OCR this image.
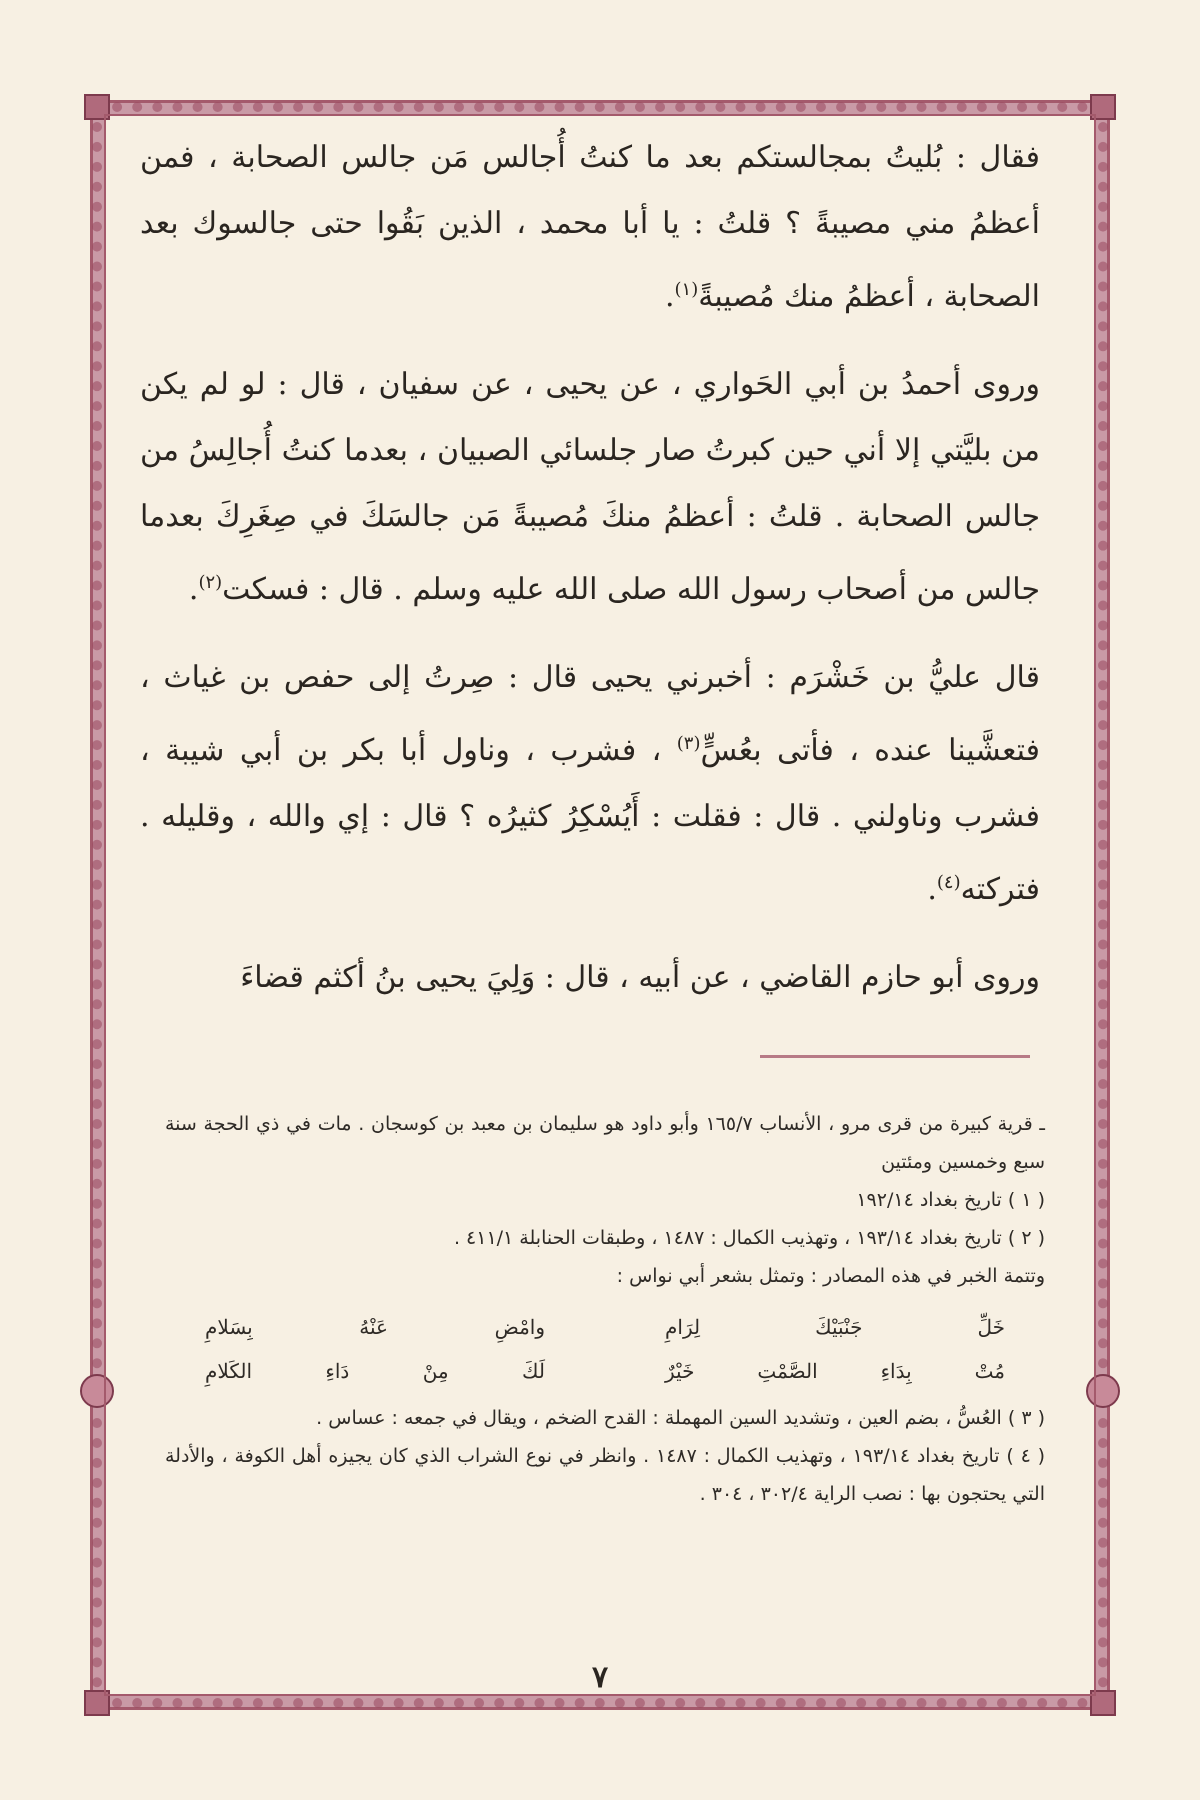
فقال : بُليتُ بمجالستكم بعد ما كنتُ أُجالس مَن جالس الصحابة ، فمن أعظمُ مني مصيبةً ؟ قلتُ : يا أبا محمد ، الذين بَقُوا حتى جالسوك بعد الصحابة ، أعظمُ منك مُصيبةً$^{(١)}$.

وروى أحمدُ بن أبي الحَواري ، عن يحيى ، عن سفيان ، قال : لو لم يكن من بليَّتي إلا أني حين كبرتُ صار جلسائي الصبيان ، بعدما كنتُ أُجالِسُ من جالس الصحابة . قلتُ : أعظمُ منكَ مُصيبةً مَن جالسَكَ في صِغَرِكَ بعدما جالس من أصحاب رسول الله صلى الله عليه وسلم . قال : فسكت$^{(٢)}$.

قال عليُّ بن خَشْرَم : أخبرني يحيى قال : صِرتُ إلى حفص بن غياث ، فتعشَّينا عنده ، فأتى بعُسٍّ$^{(٣)}$ ، فشرب ، وناول أبا بكر بن أبي شيبة ، فشرب وناولني . قال : فقلت : أَيُسْكِرُ كثيرُه ؟ قال : إي والله ، وقليله . فتركته$^{(٤)}$.

وروى أبو حازم القاضي ، عن أبيه ، قال : وَلِيَ يحيى بنُ أكثم قضاءَ

ـ قرية كبيرة من قرى مرو ، الأنساب ١٦٥/٧ وأبو داود هو سليمان بن معبد بن كوسجان . مات في ذي الحجة سنة سبع وخمسين ومئتين

( ١ ) تاريخ بغداد ١٩٢/١٤

( ٢ ) تاريخ بغداد ١٩٣/١٤ ، وتهذيب الكمال : ١٤٨٧ ، وطبقات الحنابلة ٤١١/١ .

وتتمة الخبر في هذه المصادر : وتمثل بشعر أبي نواس :

خَلِّ جَنْبَيْكَ لِرَامِ
وامْضِ عَنْهُ بِسَلامِ
مُتْ بِدَاءِ الصَّمْتِ خَيْرٌ
لَكَ مِنْ دَاءِ الكَلامِ

( ٣ ) العُسُّ ، بضم العين ، وتشديد السين المهملة : القدح الضخم ، ويقال في جمعه : عساس .

( ٤ ) تاريخ بغداد ١٩٣/١٤ ، وتهذيب الكمال : ١٤٨٧ . وانظر في نوع الشراب الذي كان يجيزه أهل الكوفة ، والأدلة التي يحتجون بها : نصب الراية ٣٠٢/٤ ، ٣٠٤ .

٧
